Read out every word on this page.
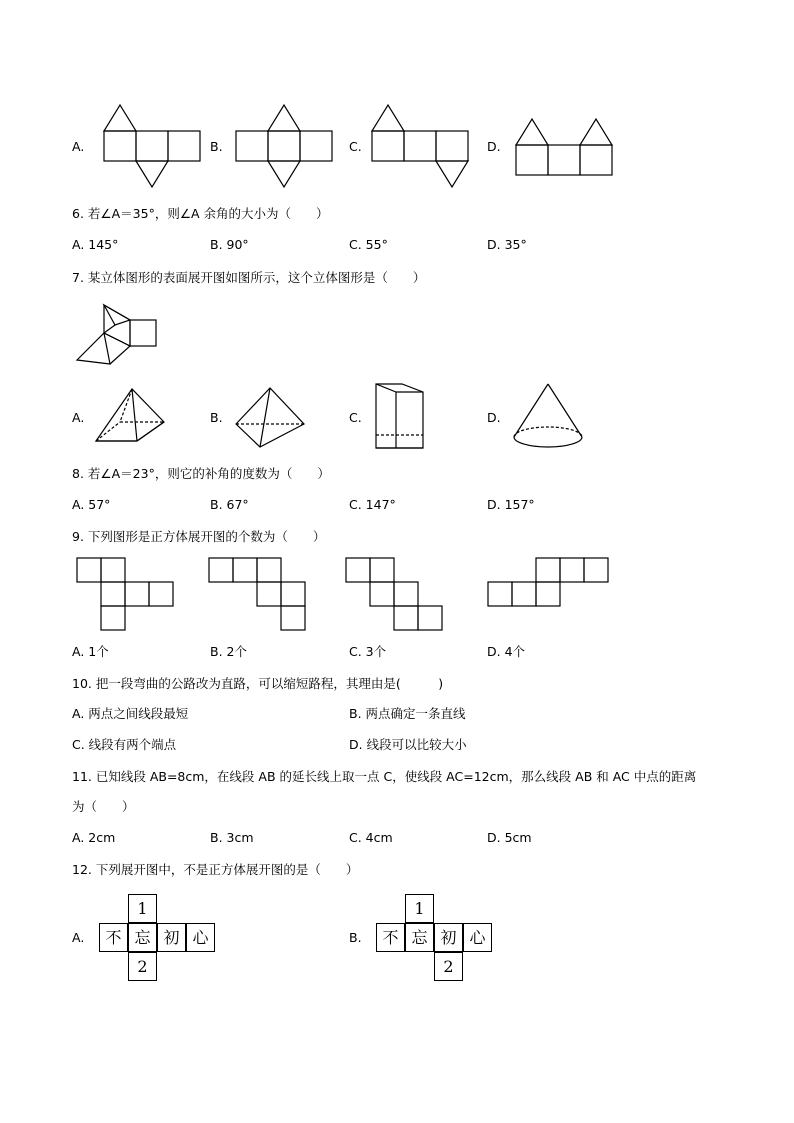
A.	B.	C.	D.
6. 若∠A＝35°，则∠A 余角的大小为（　　）
A. 145°	B. 90°	C. 55°	D. 35°
7. 某立体图形的表面展开图如图所示，这个立体图形是（　　）
A.	B.	C.	D.
8. 若∠A＝23°，则它的补角的度数为（　　）
A. 57°	B. 67°	C. 147°	D. 157°
9. 下列图形是正方体展开图的个数为（　　）
A. 1个	B. 2个	C. 3个	D. 4个
10. 把一段弯曲的公路改为直路，可以缩短路程，其理由是(　　　)
A. 两点之间线段最短	B. 两点确定一条直线
C. 线段有两个端点	D. 线段可以比较大小
11. 已知线段 AB=8cm，在线段 AB 的延长线上取一点 C，使线段 AC=12cm，那么线段 AB 和 AC 中点的距离
为（　　）
A. 2cm	B. 3cm	C. 4cm	D. 5cm
12. 下列展开图中，不是正方体展开图的是（　　）
A.
1
不 忘 初 心
2
B.
1
不 忘 初 心
2
